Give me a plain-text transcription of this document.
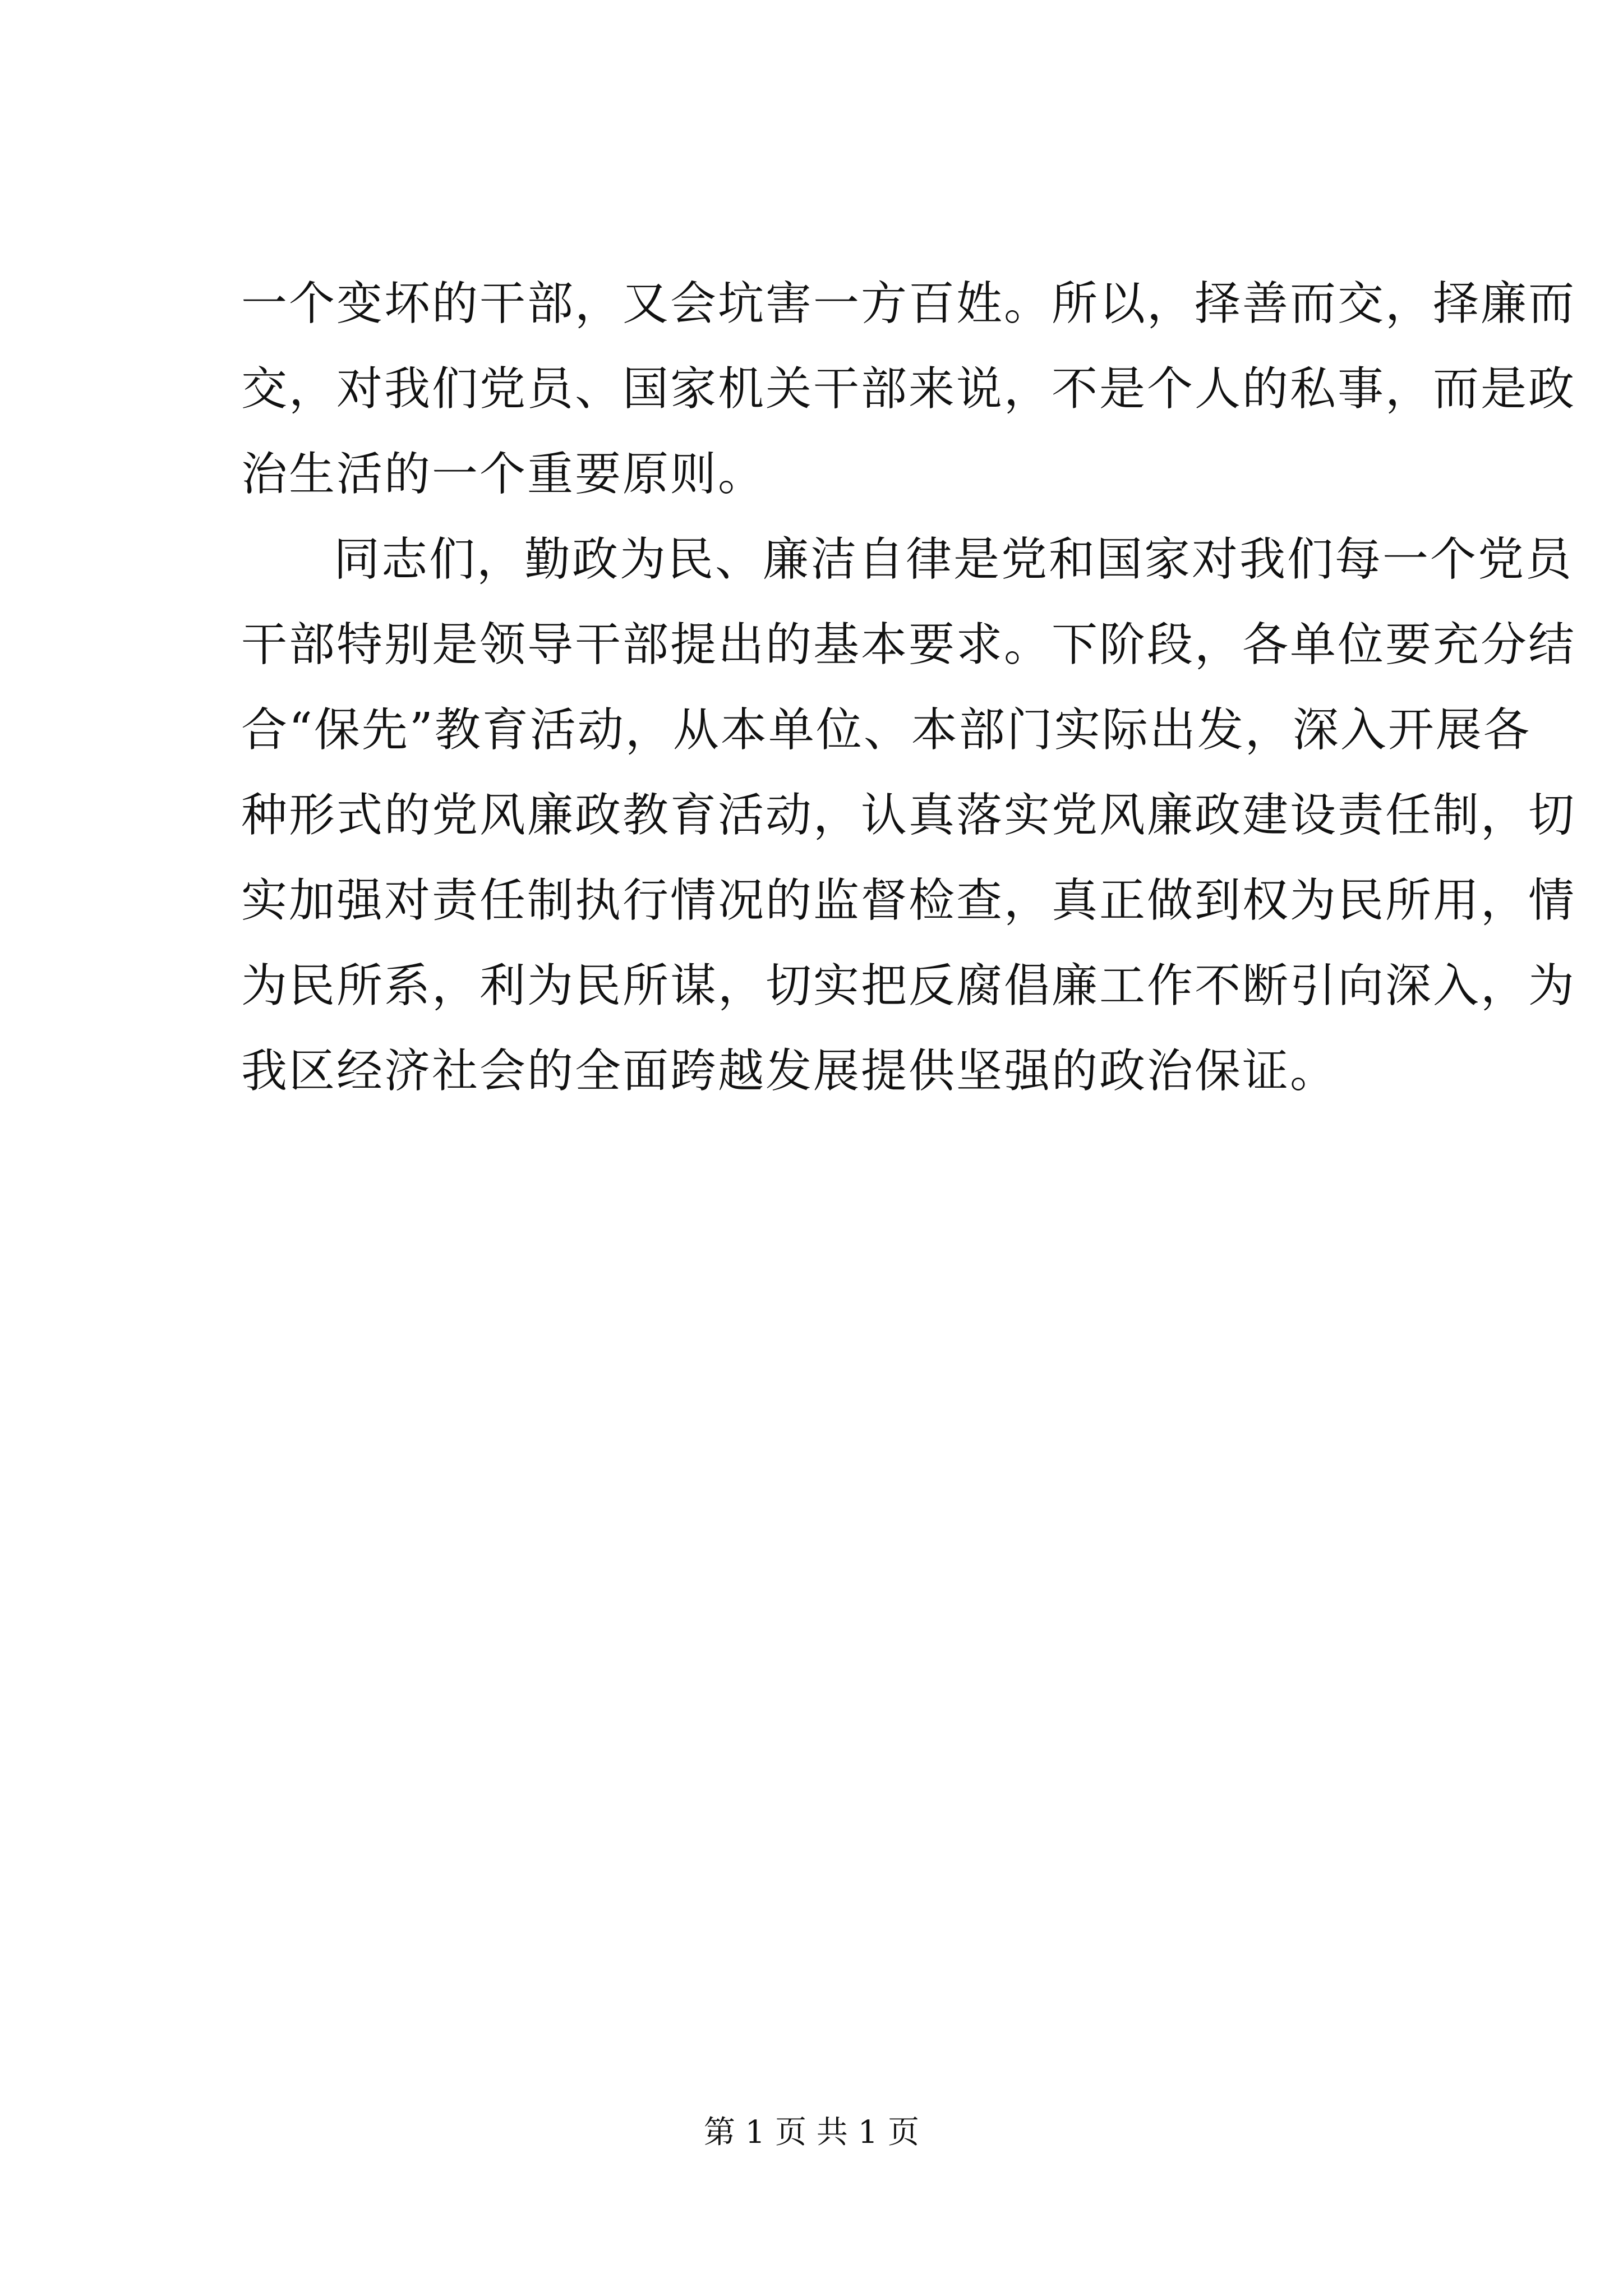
一个变坏的干部，又会坑害一方百姓。所以，择善而交，择廉而
交，对我们党员、国家机关干部来说，不是个人的私事，而是政
治生活的一个重要原则。
同志们，勤政为民、廉洁自律是党和国家对我们每一个党员
干部特别是领导干部提出的基本要求。下阶段，各单位要充分结
合“保先”教育活动，从本单位、本部门实际出发，深入开展各
种形式的党风廉政教育活动，认真落实党风廉政建设责任制，切
实加强对责任制执行情况的监督检查，真正做到权为民所用，情
为民所系，利为民所谋，切实把反腐倡廉工作不断引向深入，为
我区经济社会的全面跨越发展提供坚强的政治保证。
第 1 页 共 1 页
